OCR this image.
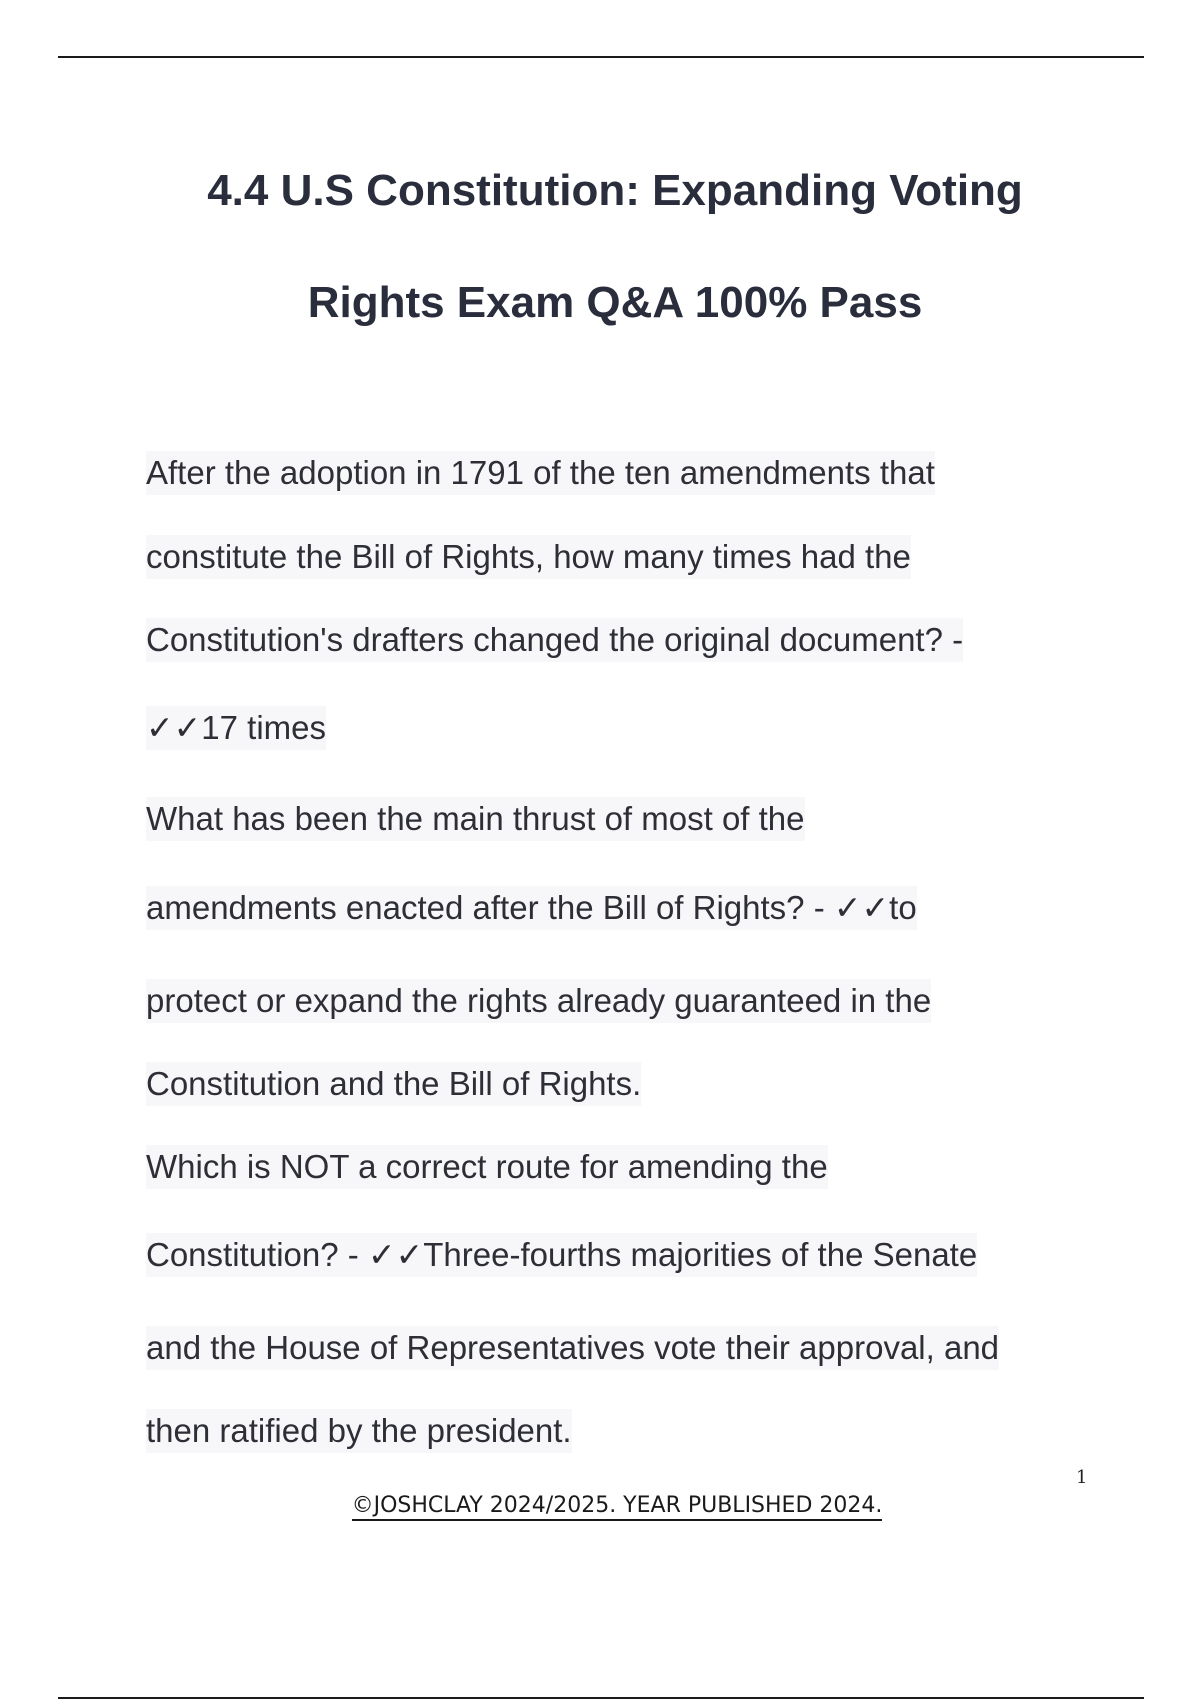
4.4 U.S Constitution: Expanding Voting
Rights Exam Q&A 100% Pass

After the adoption in 1791 of the ten amendments that

constitute the Bill of Rights, how many times had the

Constitution's drafters changed the original document? -

✓✓17 times

What has been the main thrust of most of the

amendments enacted after the Bill of Rights? - ✓✓to

protect or expand the rights already guaranteed in the

Constitution and the Bill of Rights.

Which is NOT a correct route for amending the

Constitution? - ✓✓Three-fourths majorities of the Senate

and the House of Representatives vote their approval, and

then ratified by the president.

1
©JOSHCLAY 2024/2025. YEAR PUBLISHED 2024.
